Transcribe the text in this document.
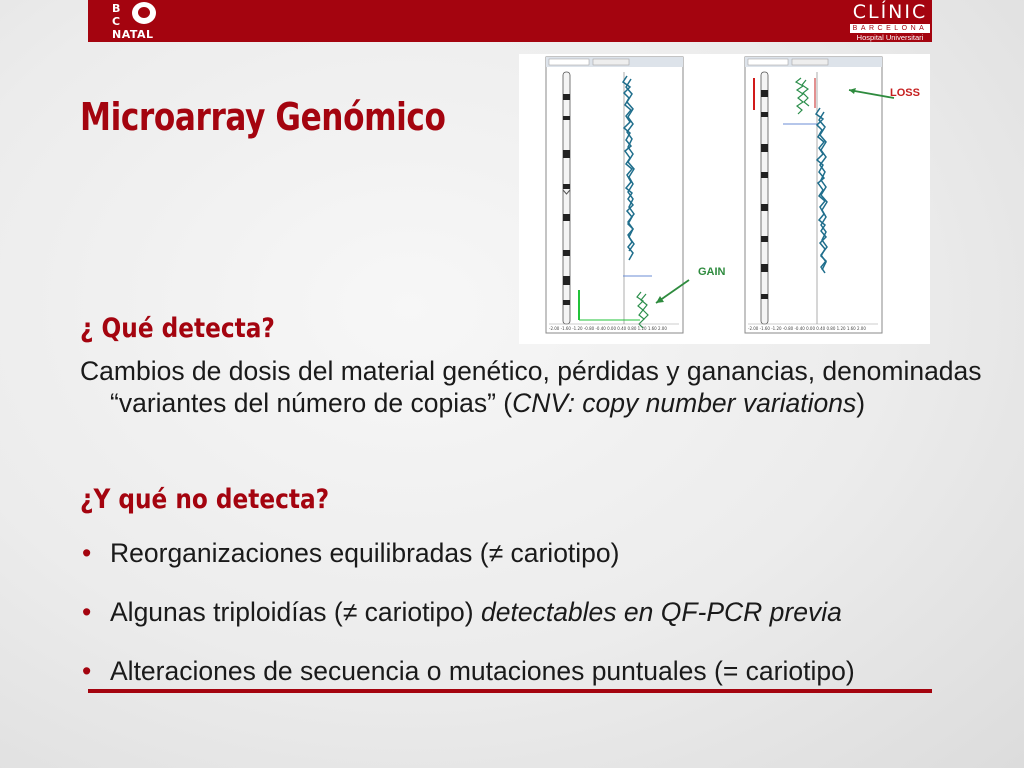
B
C
NATAL
CLÍNIC
BARCELONA
Hospital Universitari
Microarray Genómico
-2.00 -1.60 -1.20 -0.80 -0.40 0.00 0.40 0.80 1.20 1.60 2.00	-2.00 -1.60 -1.20 -0.80 -0.40 0.00 0.40 0.80 1.20 1.60 2.00
LOSS
GAIN
¿ Qué detecta?

Cambios de dosis del material genético, pérdidas y ganancias, denominadas “variantes del número de copias” (CNV: copy number variations)

¿Y qué no detecta?
• Reorganizaciones equilibradas (≠ cariotipo)
• Algunas triploidías (≠ cariotipo) detectables en QF-PCR previa
• Alteraciones de secuencia o mutaciones puntuales (= cariotipo)
